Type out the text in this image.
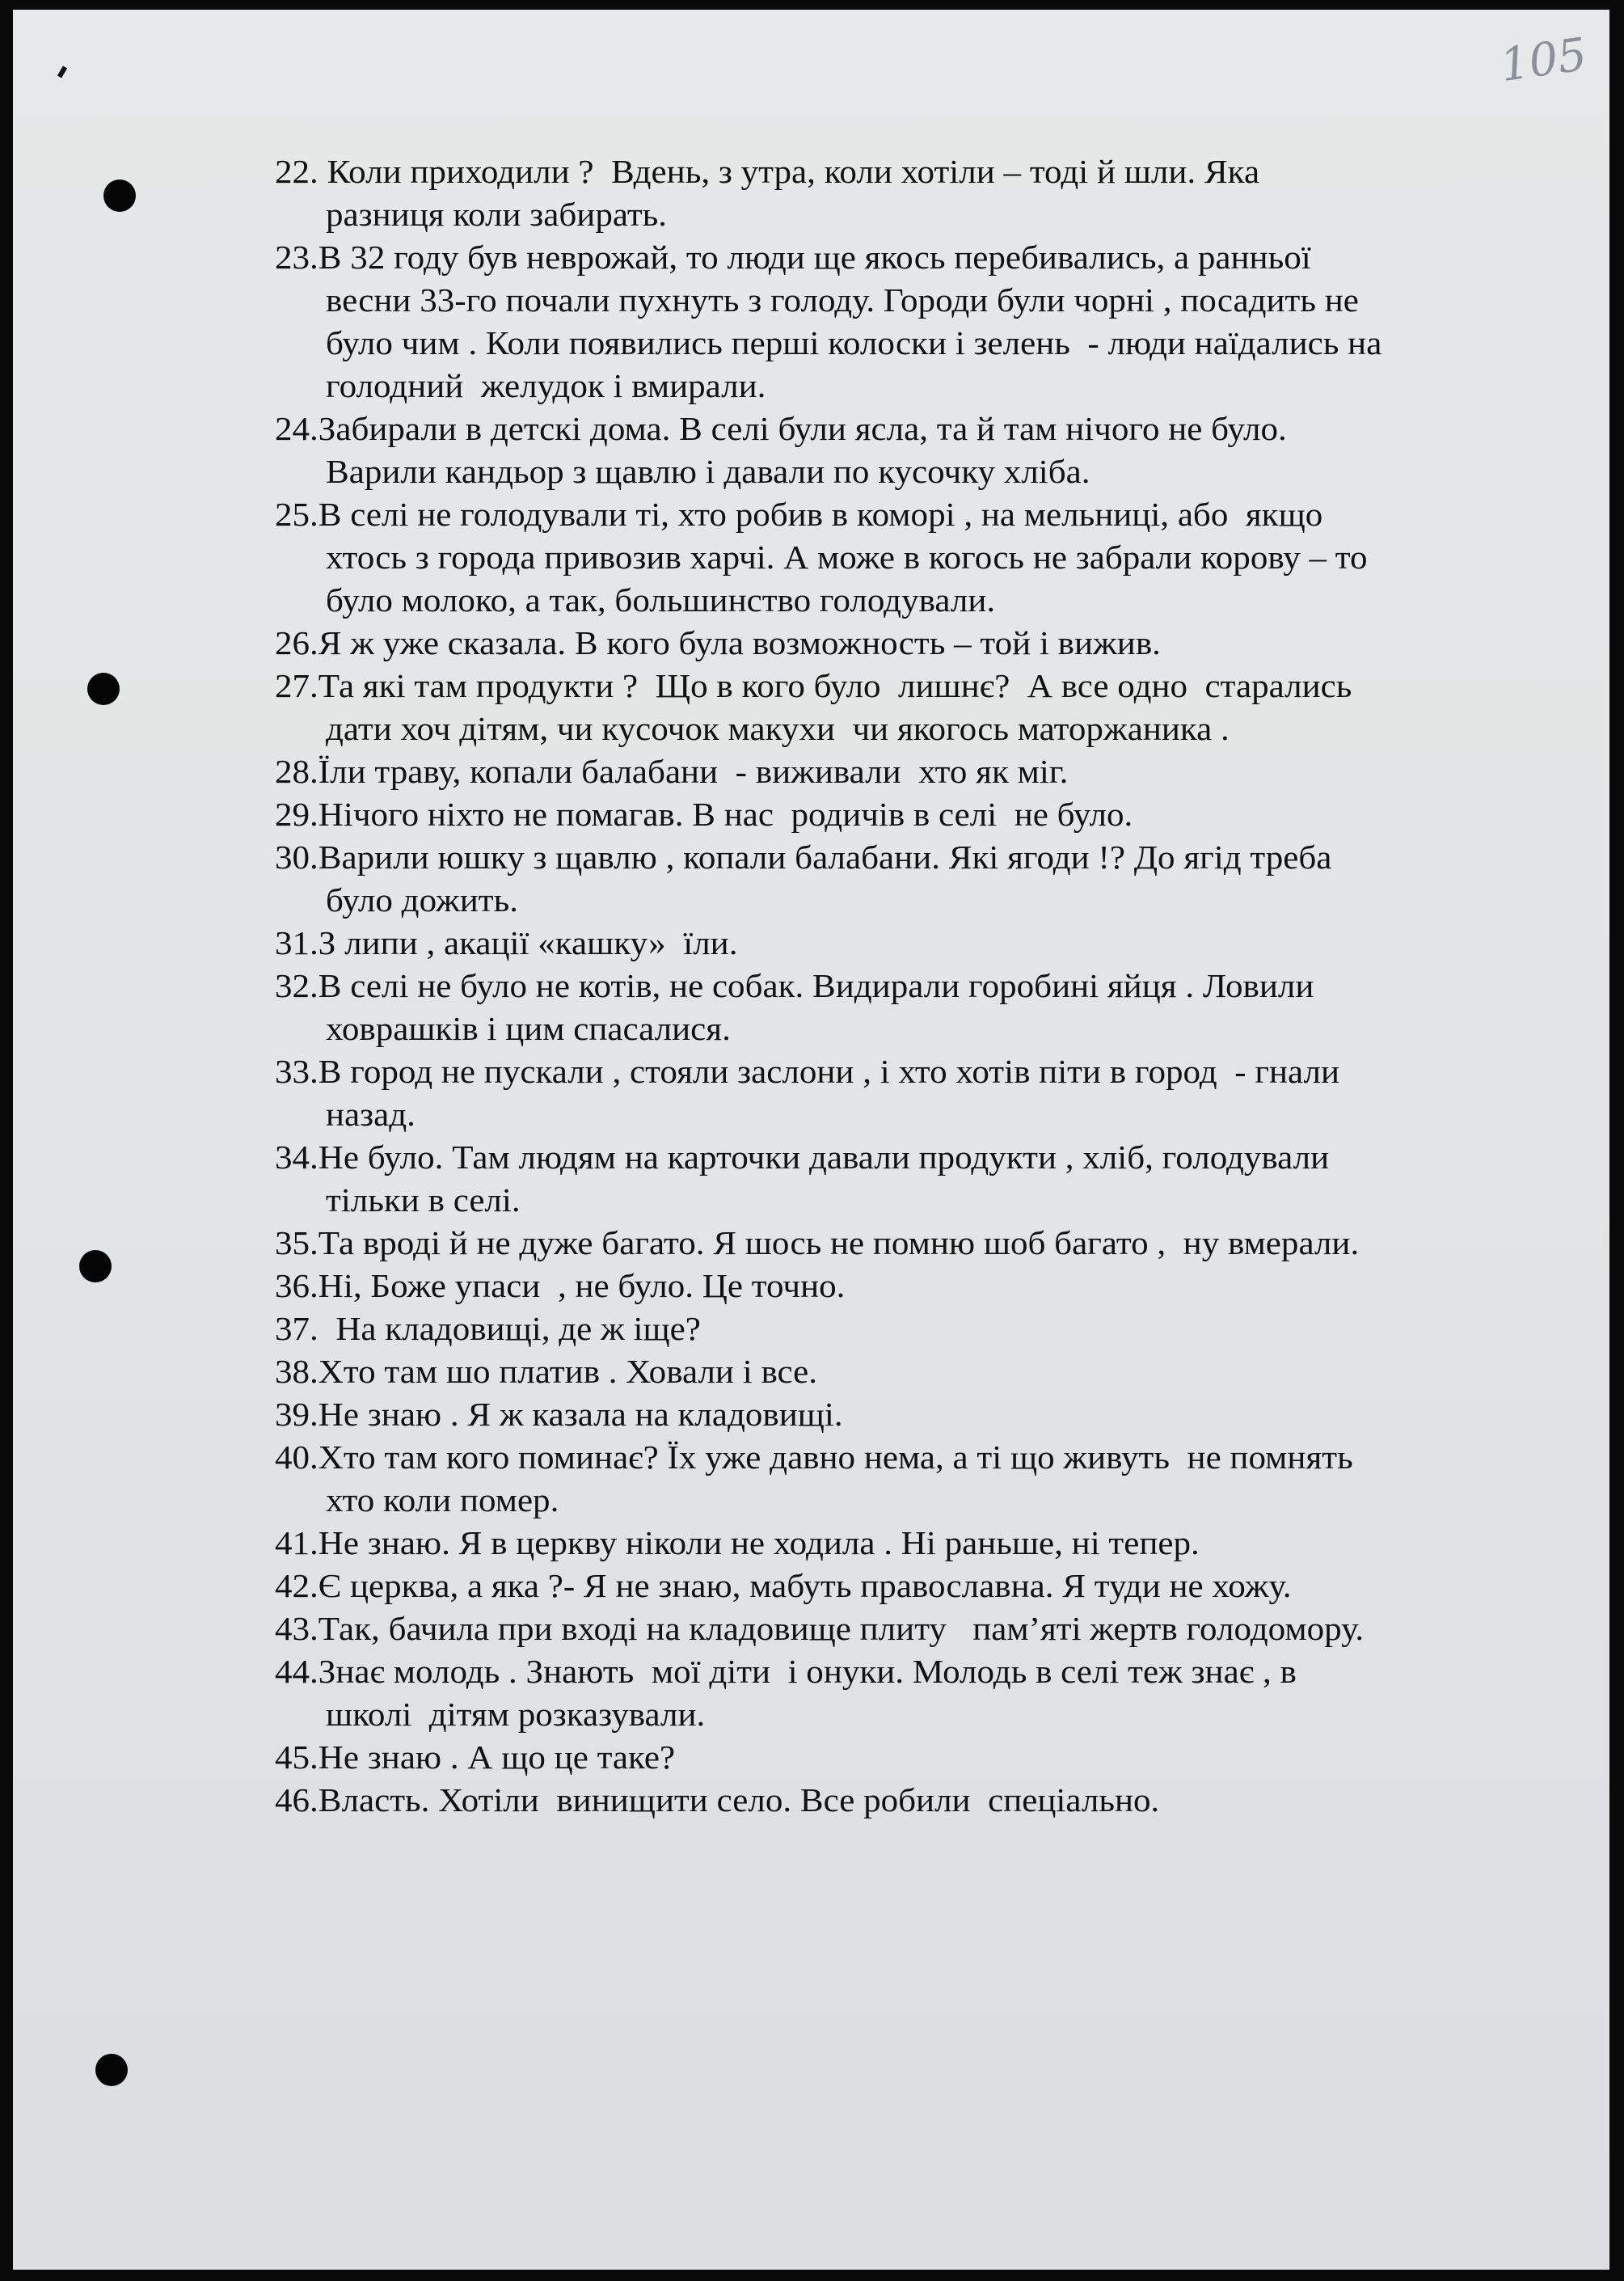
105
22. Коли приходили ?  Вдень, з утра, коли хотіли – тоді й шли. Яка
разниця коли забирать.
23.В 32 году був неврожай, то люди ще якось перебивались, а ранньої
весни 33-го почали пухнуть з голоду. Городи були чорні , посадить не
було чим . Коли появились перші колоски і зелень  - люди наїдались на
голодний  желудок і вмирали.
24.Забирали в детскі дома. В селі були ясла, та й там нічого не було.
Варили кандьор з щавлю і давали по кусочку хліба.
25.В селі не голодували ті, хто робив в коморі , на мельниці, або  якщо
хтось з города привозив харчі. А може в когось не забрали корову – то
було молоко, а так, большинство голодували.
26.Я ж уже сказала. В кого була возможность – той і вижив.
27.Та які там продукти ?  Що в кого було  лишнє?  А все одно  старались
дати хоч дітям, чи кусочок макухи  чи якогось маторжаника .
28.Їли траву, копали балабани  - виживали  хто як міг.
29.Нічого ніхто не помагав. В нас  родичів в селі  не було.
30.Варили юшку з щавлю , копали балабани. Які ягоди !? До ягід треба
було дожить.
31.З липи , акації «кашку»  їли.
32.В селі не було не котів, не собак. Видирали горобині яйця . Ловили
ховрашків і цим спасалися.
33.В город не пускали , стояли заслони , і хто хотів піти в город  - гнали
назад.
34.Не було. Там людям на карточки давали продукти , хліб, голодували
тільки в селі.
35.Та вроді й не дуже багато. Я шось не помню шоб багато ,  ну вмерали.
36.Ні, Боже упаси  , не було. Це точно.
37.  На кладовищі, де ж іще?
38.Хто там шо платив . Ховали і все.
39.Не знаю . Я ж казала на кладовищі.
40.Хто там кого поминає? Їх уже давно нема, а ті що живуть  не помнять
хто коли помер.
41.Не знаю. Я в церкву ніколи не ходила . Ні раньше, ні тепер.
42.Є церква, а яка ?- Я не знаю, мабуть православна. Я туди не хожу.
43.Так, бачила при вході на кладовище плиту   пам’яті жертв голодомору.
44.Знає молодь . Знають  мої діти  і онуки. Молодь в селі теж знає , в
школі  дітям розказували.
45.Не знаю . А що це таке?
46.Власть. Хотіли  винищити село. Все робили  спеціально.
